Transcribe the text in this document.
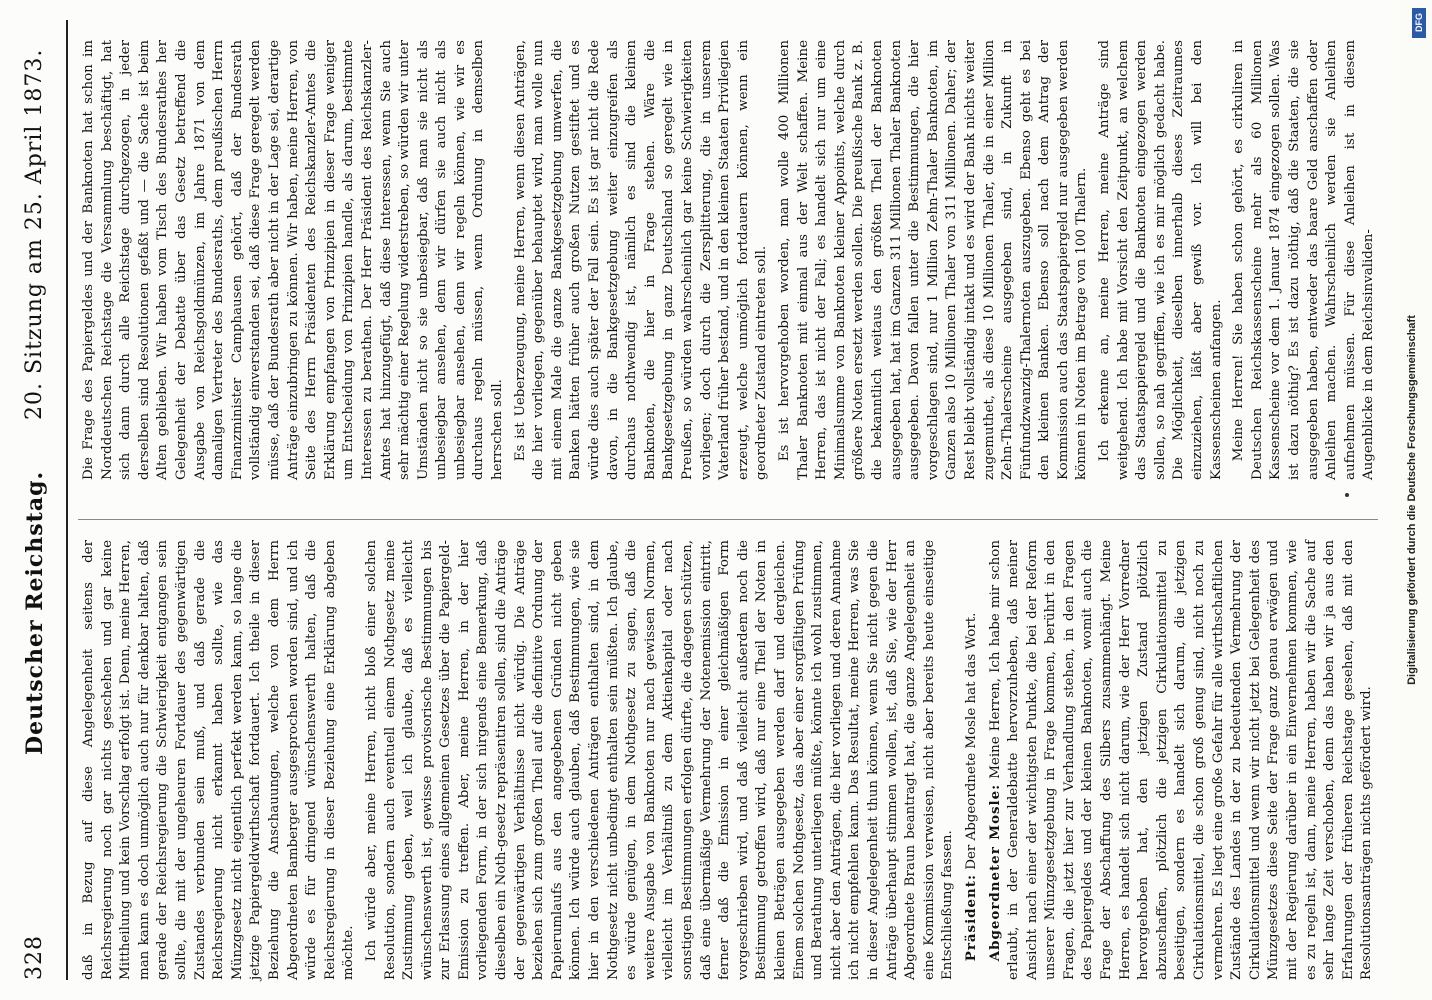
328
Deutscher Reichstag.
20. Sitzung am 25. April 1873.

daß in Bezug auf diese Angelegenheit seitens der Reichsregierung noch gar nichts geschehen und gar keine Mittheilung und kein Vorschlag erfolgt ist. Denn, meine Herren, man kann es doch unmöglich auch nur für denkbar halten, daß gerade der Reichsregierung die Schwierigkeit entgangen sein sollte, die mit der ungeheuren Fortdauer des gegenwärtigen Zustandes verbunden sein muß, und daß gerade die Reichsregierung nicht erkannt haben sollte, wie das Münzgesetz nicht eigentlich perfekt werden kann, so lange die jetzige Papiergeldwirthschaft fortdauert. Ich theile in dieser Beziehung die Anschauungen, welche von dem Herrn Abgeordneten Bamberger ausgesprochen worden sind, und ich würde es für dringend wünschenswerth halten, daß die Reichsregierung in dieser Beziehung eine Erklärung abgeben möchte. Ich würde aber, meine Herren, nicht bloß einer solchen Resolution, sondern auch eventuell einem Nothgesetz meine Zustimmung geben, weil ich glaube, daß es vielleicht wünschenswerth ist, gewisse provisorische Bestimmungen bis zur Erlassung eines allgemeinen Gesetzes über die Papiergeld-Emission zu treffen. Aber, meine Herren, in der hier vorliegenden Form, in der sich nirgends eine Bemerkung, daß dieselben ein Noth-gesetz repräsentiren sollen, sind die Anträge der gegenwärtigen Verhältnisse nicht würdig. Die Anträge beziehen sich zum großen Theil auf die definitive Ordnung der Papierumlaufs aus den angegebenen Gründen nicht geben können. Ich würde auch glauben, daß Bestimmungen, wie sie hier in den verschiedenen Anträgen enthalten sind, in dem Nothgesetz nicht unbedingt enthalten sein müßten. Ich glaube, es würde genügen, in dem Nothgesetz zu sagen, daß die weitere Ausgabe von Banknoten nur nach gewissen Normen, vielleicht im Verhältniß zu dem Aktienkapital oder nach sonstigen Bestimmungen erfolgen dürfte, die dagegen schützen, daß eine übermäßige Vermehrung der Notenemission eintritt, ferner daß die Emission in einer gleichmäßigen Form vorgeschrieben wird, und daß vielleicht außerdem noch die Bestimmung getroffen wird, daß nur eine Theil der Noten in kleinen Beträgen ausgegeben werden darf und dergleichen. Einem solchen Nothgesetz, das aber einer sorgfältigen Prüfung und Berathung unterliegen müßte, könnte ich wohl zustimmen, nicht aber den Anträgen, die hier vorliegen und deren Annahme ich nicht empfehlen kann. Das Resultat, meine Herren, was Sie in dieser Angelegenheit thun können, wenn Sie nicht gegen die Anträge überhaupt stimmen wollen, ist, daß Sie, wie der Herr Abgeordnete Braun beantragt hat, die ganze Angelegenheit an eine Kommission verweisen, nicht aber bereits heute einseitige Entschließung fassen. Präsident: Der Abgeordnete Mosle hat das Wort.

Abgeordneter Mosle: Meine Herren, Ich habe mir schon erlaubt, in der Generaldebatte hervorzuheben, daß meiner Ansicht nach einer der wichtigsten Punkte, die bei der Reform unserer Münzgesetzgebung in Frage kommen, berührt in den Fragen, die jetzt hier zur Verhandlung stehen, in den Fragen des Papiergeldes und der kleinen Banknoten, womit auch die Frage der Abschaffung des Silbers zusammenhängt. Meine Herren, es handelt sich nicht darum, wie der Herr Vorredner hervorgehoben hat, den jetzigen Zustand plötzlich abzuschaffen, plötzlich die jetzigen Cirkulationsmittel zu beseitigen, sondern es handelt sich darum, die jetzigen Cirkulationsmittel, die schon groß genug sind, nicht noch zu vermehren. Es liegt eine große Gefahr für alle wirthschaftlichen Zustände des Landes in der zu bedeutenden Vermehrung der Cirkulationsmittel und wenn wir nicht jetzt bei Gelegenheit des Münzgesetzes diese Seite der Frage ganz genau erwägen und mit der Regierung darüber in ein Einvernehmen kommen, wie es zu regeln ist, dann, meine Herren, haben wir die Sache auf sehr lange Zeit verschoben, denn das haben wir ja aus den Erfahrungen der früheren Reichstage gesehen, daß mit den Resolutionsanträgen nichts gefördert wird.

Die Frage des Papiergeldes und der Banknoten hat schon im Norddeutschen Reichstage die Versammlung beschäftigt, hat sich dann durch alle Reichstage durchgezogen, in jeder derselben sind Resolutionen gefaßt und — die Sache ist beim Alten geblieben. Wir haben vom Tisch des Bundesrathes her Gelegenheit der Debatte über das Gesetz betreffend die Ausgabe von Reichsgoldmünzen, im Jahre 1871 von dem damaligen Vertreter des Bundesraths, dem preußischen Herrn Finanzminister Camphausen gehört, daß der Bundesrath vollständig einverstanden sei, daß diese Frage geregelt werden müsse, daß der Bundesrath aber nicht in der Lage sei, derartige Anträge einzubringen zu können. Wir haben, meine Herren, von Seite des Herrn Präsidenten des Reichskanzler-Amtes die Erklärung empfangen von Prinzipien in dieser Frage weniger um Entscheidung von Prinzipien handle, als darum, bestimmte Interessen zu berathen. Der Herr Präsident des Reichskanzler-Amtes hat hinzugefügt, daß diese Interessen, wenn Sie auch sehr mächtig einer Regelung widerstreben, so würden wir unter Umständen nicht so sie unbesiegbar, daß man sie nicht als unbesiegbar ansehen, denn wir dürfen sie auch nicht als unbesiegbar ansehen, denn wir regeln können, wie wir es durchaus regeln müssen, wenn Ordnung in demselben herrschen soll. Es ist Ueberzeugung, meine Herren, wenn diesen Anträgen, die hier vorliegen, gegenüber behauptet wird, man wolle nun mit einem Male die ganze Bankgesetzgebung umwerfen, die Banken hätten früher auch großen Nutzen gestiftet und es würde dies auch später der Fall sein. Es ist gar nicht die Rede davon, in die Bankgesetzgebung weiter einzugreifen als durchaus nothwendig ist, nämlich es sind die kleinen Banknoten, die hier in Frage stehen. Wäre die Bankgesetzgebung in ganz Deutschland so geregelt wie in Preußen, so würden wahrscheinlich gar keine Schwierigkeiten vorliegen; doch durch die Zersplitterung, die in unserem Vaterland früher bestand, und in den kleinen Staaten Privilegien erzeugt, welche unmöglich fortdauern können, wenn ein geordneter Zustand eintreten soll. Es ist hervorgehoben worden, man wolle 400 Millionen Thaler Banknoten mit einmal aus der Welt schaffen. Meine Herren, das ist nicht der Fall; es handelt sich nur um eine Minimalsumme von Banknoten kleiner Appoints, welche durch größere Noten ersetzt werden sollen. Die preußische Bank z. B. die bekanntlich weitaus den größten Theil der Banknoten ausgegeben hat, hat im Ganzen 311 Millionen Thaler Banknoten ausgegeben. Davon fallen unter die Bestimmungen, die hier vorgeschlagen sind, nur 1 Million Zehn-Thaler Banknoten, im Ganzen also 10 Millionen Thaler von 311 Millionen. Daher; der Rest bleibt vollständig intakt und es wird der Bank nichts weiter zugemuthet, als diese 10 Millionen Thaler, die in einer Million Zehn-Thalerscheine ausgegeben sind, in Zukunft in Fünfundzwanzig-Thalernoten auszugeben. Ebenso geht es bei den kleinen Banken. Ebenso soll nach dem Antrag der Kommission auch das Staatspapiergeld nur ausgegeben werden können in Noten im Betrage von 100 Thalern. Ich erkenne an, meine Herren, meine Anträge sind weitgehend. Ich habe mit Vorsicht den Zeitpunkt, an welchem das Staatspapiergeld und die Banknoten eingezogen werden sollen, so nah gegriffen, wie ich es mir möglich gedacht habe. Die Möglichkeit, dieselben innerhalb dieses Zeitraumes einzuziehen, läßt aber gewiß vor. Ich will bei den Kassenscheinen anfangen. Meine Herren! Sie haben schon gehört, es cirkuliren in Deutschen Reichskassenscheine mehr als 60 Millionen Kassenscheine vor dem 1. Januar 1874 eingezogen sollen. Was ist dazu nöthig? Es ist dazu nöthig, daß die Staaten, die sie ausgegeben haben, entweder das baare Geld anschaffen oder Anleihen machen. Wahrscheinlich werden sie Anleihen aufnehmen müssen. Für diese Anleihen ist in diesem Augenblicke in dem Reichsinvaliden-	Digitalisierung gefördert durch die Deutsche Forschungsgemeinschaft
DFG
